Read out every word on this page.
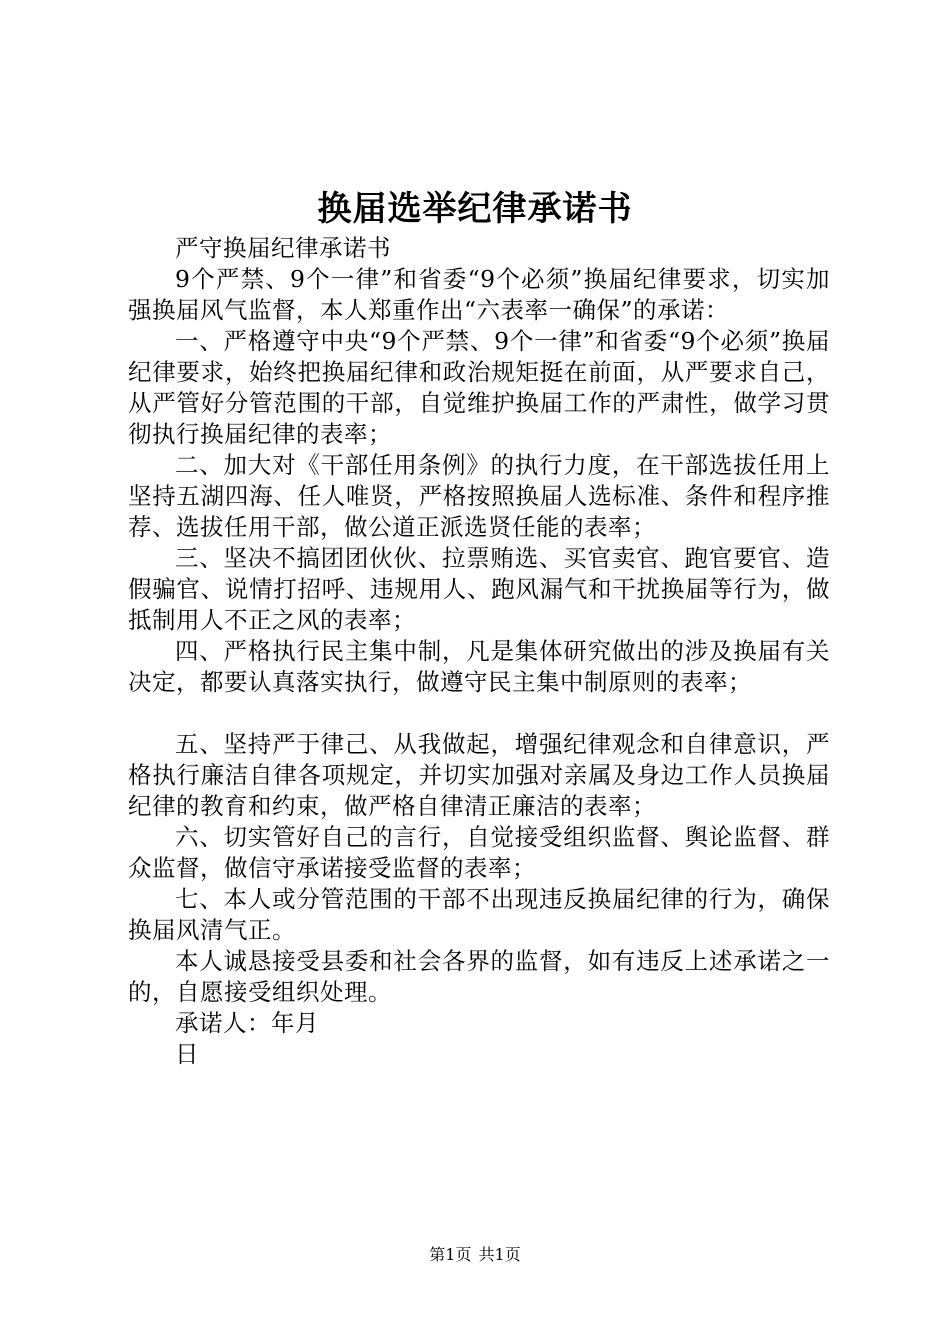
换届选举纪律承诺书

严守换届纪律承诺书

9个严禁、9个一律”和省委“9个必须”换届纪律要求，切实加强换届风气监督，本人郑重作出“六表率一确保”的承诺：

一、严格遵守中央“9个严禁、9个一律”和省委“9个必须”换届纪律要求，始终把换届纪律和政治规矩挺在前面，从严要求自己，从严管好分管范围的干部，自觉维护换届工作的严肃性，做学习贯彻执行换届纪律的表率；

二、加大对《干部任用条例》的执行力度，在干部选拔任用上坚持五湖四海、任人唯贤，严格按照换届人选标准、条件和程序推荐、选拔任用干部，做公道正派选贤任能的表率；

三、坚决不搞团团伙伙、拉票贿选、买官卖官、跑官要官、造假骗官、说情打招呼、违规用人、跑风漏气和干扰换届等行为，做抵制用人不正之风的表率；

四、严格执行民主集中制，凡是集体研究做出的涉及换届有关决定，都要认真落实执行，做遵守民主集中制原则的表率；

五、坚持严于律己、从我做起，增强纪律观念和自律意识，严格执行廉洁自律各项规定，并切实加强对亲属及身边工作人员换届纪律的教育和约束，做严格自律清正廉洁的表率；

六、切实管好自己的言行，自觉接受组织监督、舆论监督、群众监督，做信守承诺接受监督的表率；

七、本人或分管范围的干部不出现违反换届纪律的行为，确保换届风清气正。

本人诚恳接受县委和社会各界的监督，如有违反上述承诺之一的，自愿接受组织处理。

承诺人：年月

日

第1页 共1页
